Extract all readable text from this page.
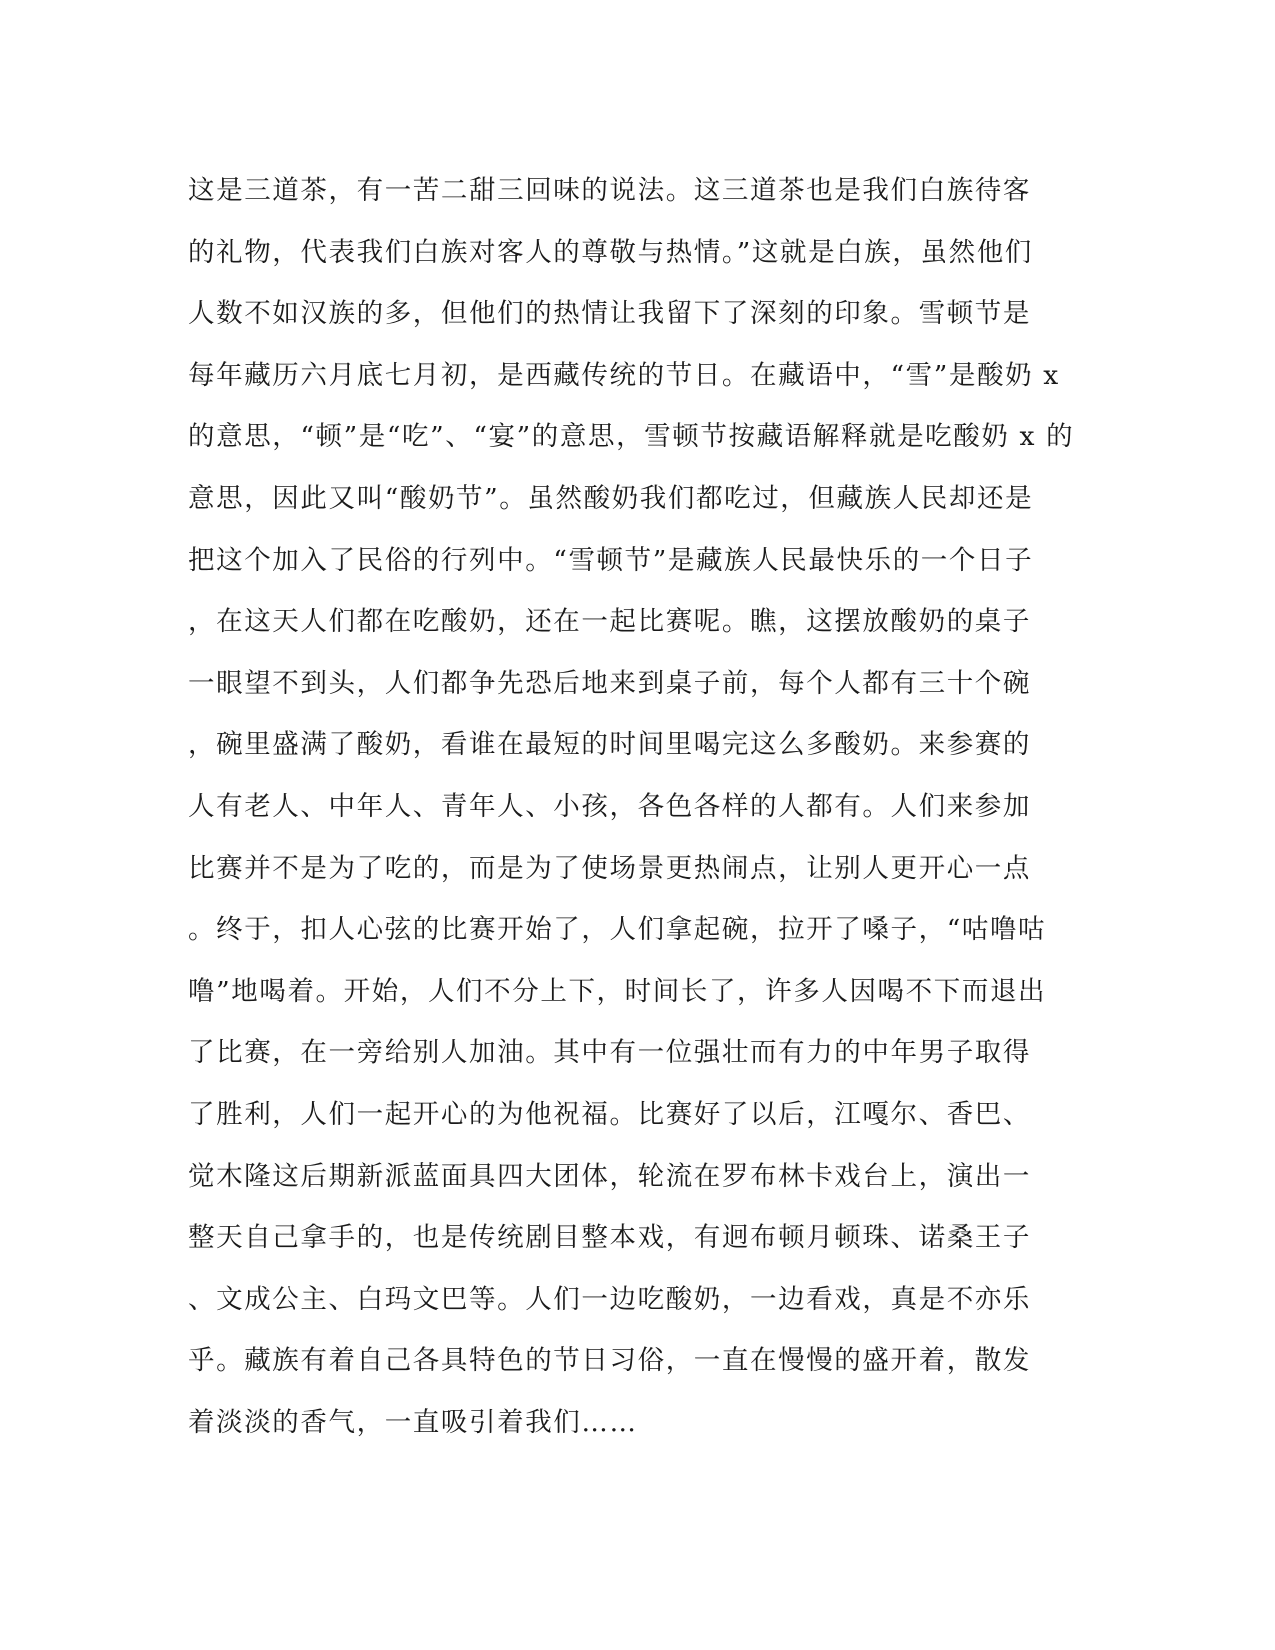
这是三道茶，有一苦二甜三回味的说法。这三道茶也是我们白族待客
的礼物，代表我们白族对客人的尊敬与热情。”这就是白族，虽然他们
人数不如汉族的多，但他们的热情让我留下了深刻的印象。雪顿节是
每年藏历六月底七月初，是西藏传统的节日。在藏语中，“雪”是酸奶 x
的意思，“顿”是“吃”、“宴”的意思，雪顿节按藏语解释就是吃酸奶 x 的
意思，因此又叫“酸奶节”。虽然酸奶我们都吃过，但藏族人民却还是
把这个加入了民俗的行列中。“雪顿节”是藏族人民最快乐的一个日子
，在这天人们都在吃酸奶，还在一起比赛呢。瞧，这摆放酸奶的桌子
一眼望不到头，人们都争先恐后地来到桌子前，每个人都有三十个碗
，碗里盛满了酸奶，看谁在最短的时间里喝完这么多酸奶。来参赛的
人有老人、中年人、青年人、小孩，各色各样的人都有。人们来参加
比赛并不是为了吃的，而是为了使场景更热闹点，让别人更开心一点
。终于，扣人心弦的比赛开始了，人们拿起碗，拉开了嗓子，“咕噜咕
噜”地喝着。开始，人们不分上下，时间长了，许多人因喝不下而退出
了比赛，在一旁给别人加油。其中有一位强壮而有力的中年男子取得
了胜利，人们一起开心的为他祝福。比赛好了以后，江嘎尔、香巴、
觉木隆这后期新派蓝面具四大团体，轮流在罗布林卡戏台上，演出一
整天自己拿手的，也是传统剧目整本戏，有迥布顿月顿珠、诺桑王子
、文成公主、白玛文巴等。人们一边吃酸奶，一边看戏，真是不亦乐
乎。藏族有着自己各具特色的节日习俗，一直在慢慢的盛开着，散发
着淡淡的香气，一直吸引着我们……
